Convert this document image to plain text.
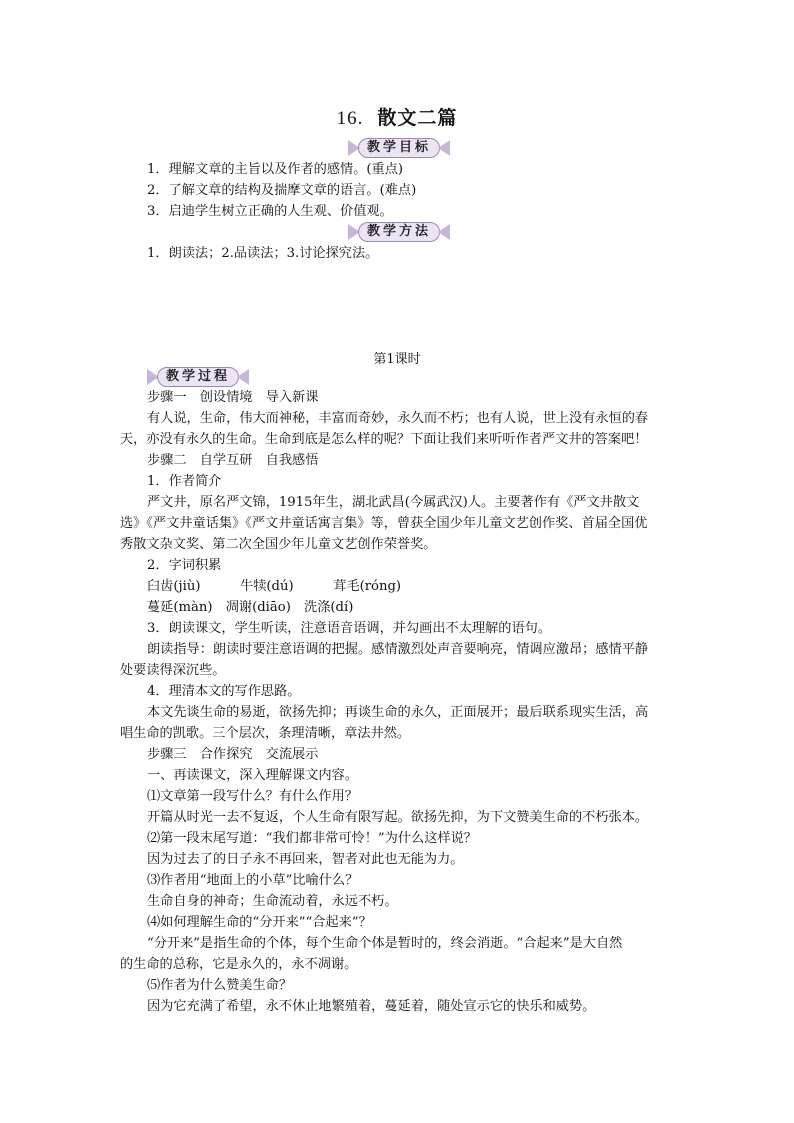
16. 散文二篇
教学目标
1．理解文章的主旨以及作者的感情。(重点)
2．了解文章的结构及揣摩文章的语言。(难点)
3．启迪学生树立正确的人生观、价值观。
教学方法
1．朗读法；2.品读法；3.讨论探究法。
第1课时
教学过程
步骤一　创设情境　导入新课
有人说，生命，伟大而神秘，丰富而奇妙，永久而不朽；也有人说，世上没有永恒的春
天，亦没有永久的生命。生命到底是怎么样的呢？下面让我们来听听作者严文井的答案吧！
步骤二　自学互研　自我感悟
1．作者简介
严文井，原名严文锦，1915年生，湖北武昌(今属武汉)人。主要著作有《严文井散文
选》《严文井童话集》《严文井童话寓言集》等，曾获全国少年儿童文艺创作奖、首届全国优
秀散文杂文奖、第二次全国少年儿童文艺创作荣誉奖。
2．字词积累
臼齿(jiù)　　　牛犊(dú)　　　茸毛(róng)
蔓延(màn)　凋谢(diāo)　洗涤(dí)
3．朗读课文，学生听读，注意语音语调，并勾画出不太理解的语句。
朗读指导：朗读时要注意语调的把握。感情激烈处声音要响亮，情调应激昂；感情平静
处要读得深沉些。
4．理清本文的写作思路。
本文先谈生命的易逝，欲扬先抑；再谈生命的永久，正面展开；最后联系现实生活，高
唱生命的凯歌。三个层次，条理清晰，章法井然。
步骤三　合作探究　交流展示
一、再读课文，深入理解课文内容。
⑴文章第一段写什么？有什么作用？
开篇从时光一去不复返，个人生命有限写起。欲扬先抑，为下文赞美生命的不朽张本。
⑵第一段末尾写道：“我们都非常可怜！”为什么这样说？
因为过去了的日子永不再回来，智者对此也无能为力。
⑶作者用“地面上的小草”比喻什么？
生命自身的神奇；生命流动着，永远不朽。
⑷如何理解生命的“分开来”“合起来”？
“分开来”是指生命的个体，每个生命个体是暂时的，终会消逝。“合起来”是大自然
的生命的总称，它是永久的，永不凋谢。
⑸作者为什么赞美生命？
因为它充满了希望，永不休止地繁殖着，蔓延着，随处宣示它的快乐和威势。
